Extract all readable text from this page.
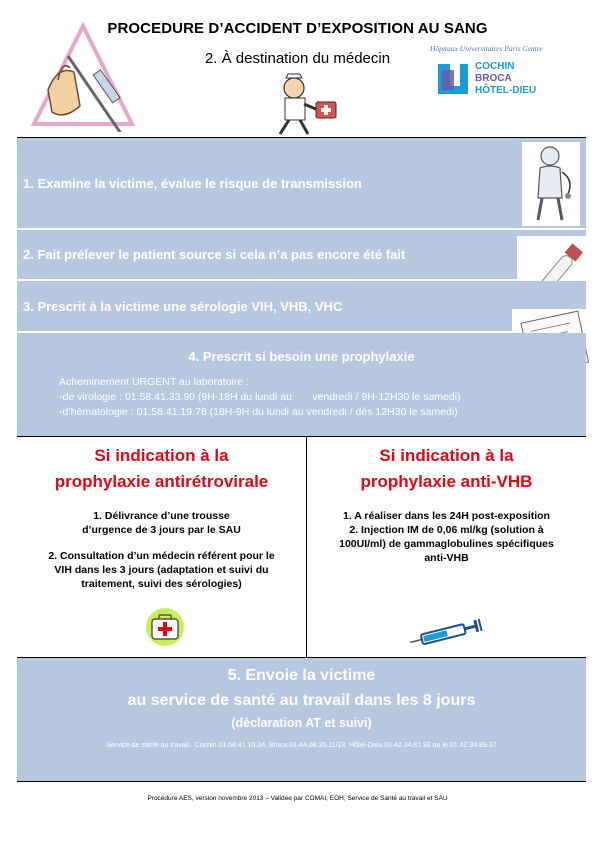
PROCEDURE D’ACCIDENT D’EXPOSITION AU SANG
2. À destination du médecin
Hôpitaux Universitaires Paris Centre
COCHIN
BROCA
HÔTEL-DIEU
1. Examine la victime, évalue le risque de transmission
2. Fait prélever le patient source si cela n’a pas encore été fait
3. Prescrit à la victime une sérologie VIH, VHB, VHC
4. Prescrit si besoin une prophylaxie
Acheminement URGENT au laboratoire :
-de virologie : 01.58.41.33.90 (9H-18H du lundi au       vendredi / 9H-12H30 le samedi)
-d’hématologie : 01.58.41.19.78 (18H-9H du lundi au vendredi / dès 12H30 le samedi)
Si indication à la
prophylaxie antirétrovirale
1. Délivrance d’une trousse
d’urgence de 3 jours par le SAU
2. Consultation d’un médecin référent pour le
VIH dans les 3 jours (adaptation et suivi du
traitement, suivi des sérologies)
Si indication à la
prophylaxie anti-VHB
1. A réaliser dans les 24H post-exposition
2. Injection IM de 0,06 ml/kg (solution à
100UI/ml) de gammaglobulines spécifiques
anti-VHB
5. Envoie la victime
au service de santé au travail dans les 8 jours
(déclaration AT et suivi)
Service de santé au travail : Cochin 01.58.41.10.34, Broca 01.44.08.35.11/13, Hôtel-Dieu 01.42.34.81.92 ou le 01.42.34.89.37
Procédure AES, version novembre 2013 – Validée par COMAI, EOH, Service de Santé au travail et SAU
